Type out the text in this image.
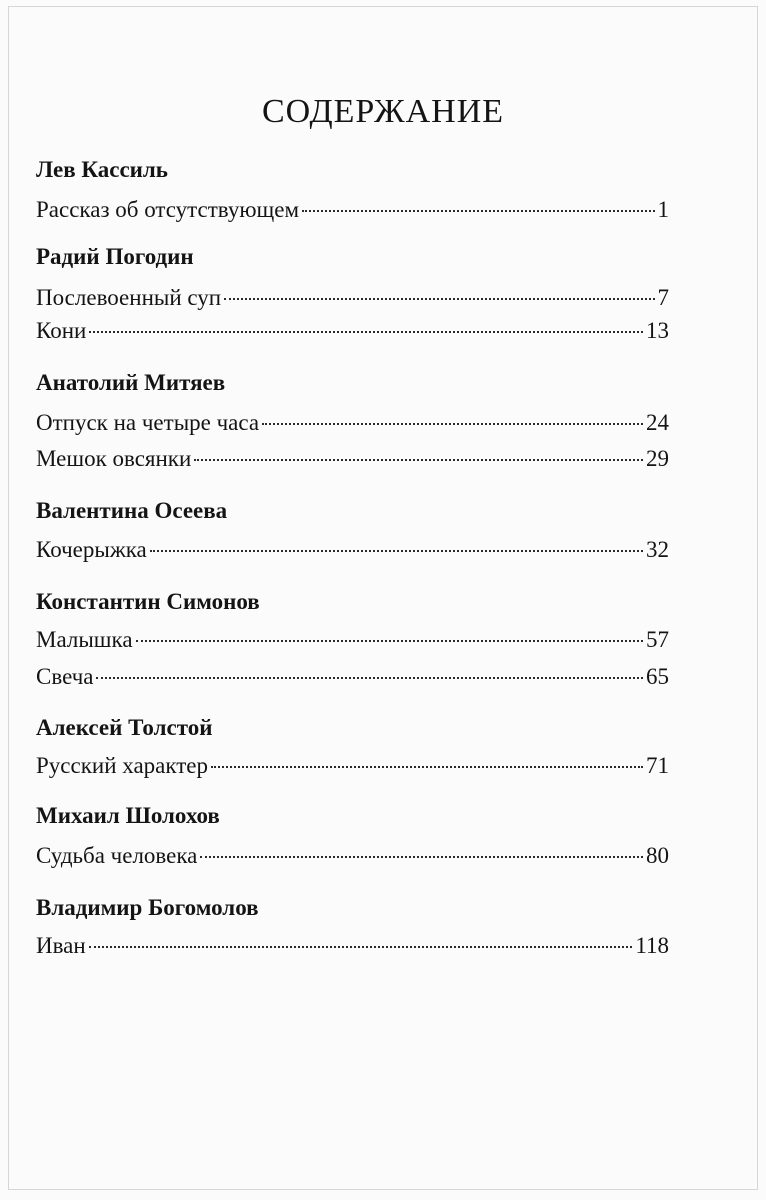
СОДЕРЖАНИЕ
Лев Кассиль
Рассказ об отсутствующем	1
Радий Погодин
Послевоенный суп	7
Кони	13
Анатолий Митяев
Отпуск на четыре часа	24
Мешок овсянки	29
Валентина Осеева
Кочерыжка	32
Константин Симонов
Малышка	57
Свеча	65
Алексей Толстой
Русский характер	71
Михаил Шолохов
Судьба человека	80
Владимир Богомолов
Иван	118
